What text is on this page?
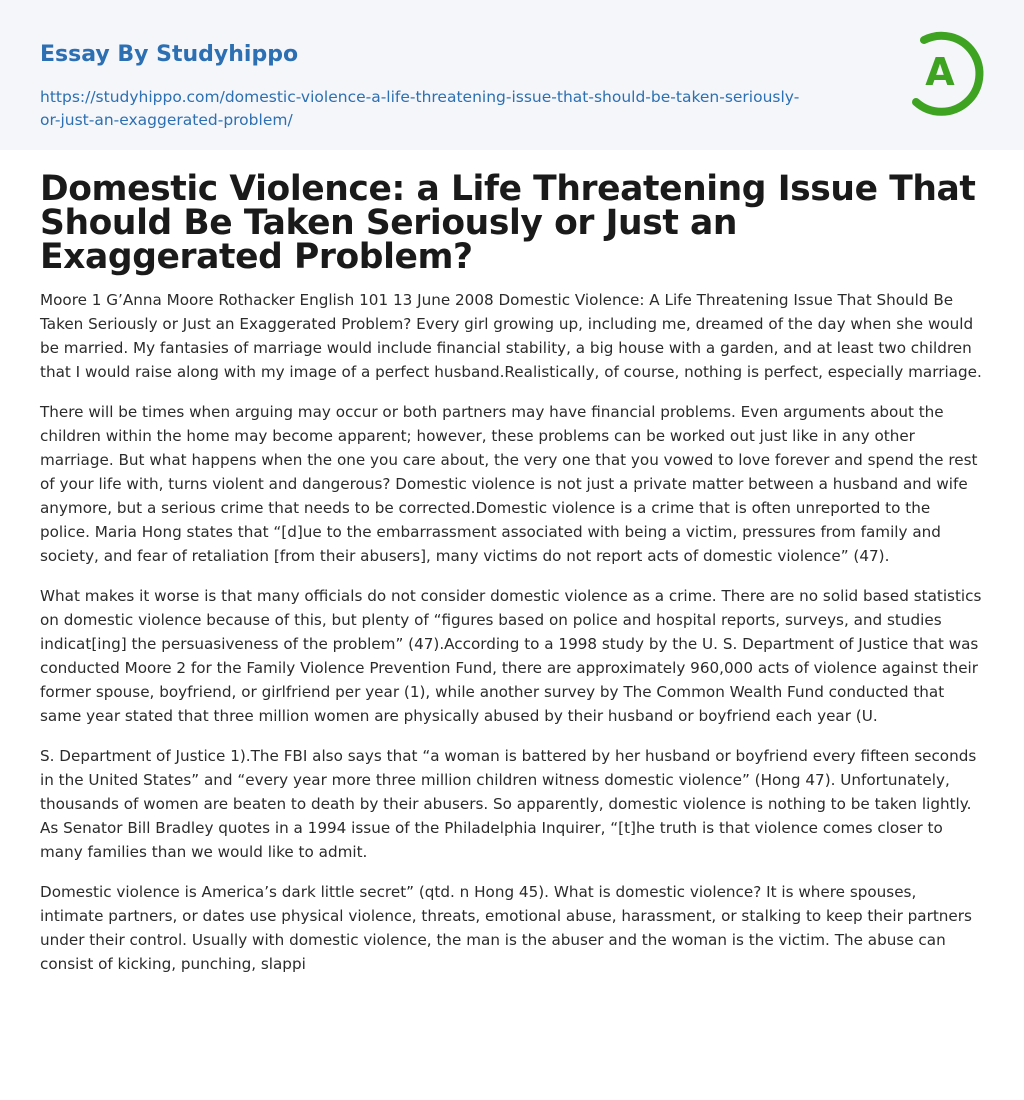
Essay By Studyhippo
https://studyhippo.com/domestic-violence-a-life-threatening-issue-that-should-be-taken-seriously-or-just-an-exaggerated-problem/
A
Domestic Violence: a Life Threatening Issue That Should Be Taken Seriously or Just an Exaggerated Problem?

Moore 1 G’Anna Moore Rothacker English 101 13 June 2008 Domestic Violence: A Life Threatening Issue That Should Be Taken Seriously or Just an Exaggerated Problem? Every girl growing up, including me, dreamed of the day when she would be married. My fantasies of marriage would include financial stability, a big house with a garden, and at least two children that I would raise along with my image of a perfect husband.Realistically, of course, nothing is perfect, especially marriage.

There will be times when arguing may occur or both partners may have financial problems. Even arguments about the children within the home may become apparent; however, these problems can be worked out just like in any other marriage. But what happens when the one you care about, the very one that you vowed to love forever and spend the rest of your life with, turns violent and dangerous? Domestic violence is not just a private matter between a husband and wife anymore, but a serious crime that needs to be corrected.Domestic violence is a crime that is often unreported to the police. Maria Hong states that “[d]ue to the embarrassment associated with being a victim, pressures from family and society, and fear of retaliation [from their abusers], many victims do not report acts of domestic violence” (47).

What makes it worse is that many officials do not consider domestic violence as a crime. There are no solid based statistics on domestic violence because of this, but plenty of “figures based on police and hospital reports, surveys, and studies indicat[ing] the persuasiveness of the problem” (47).According to a 1998 study by the U. S. Department of Justice that was conducted Moore 2 for the Family Violence Prevention Fund, there are approximately 960,000 acts of violence against their former spouse, boyfriend, or girlfriend per year (1), while another survey by The Common Wealth Fund conducted that same year stated that three million women are physically abused by their husband or boyfriend each year (U.

S. Department of Justice 1).The FBI also says that “a woman is battered by her husband or boyfriend every fifteen seconds in the United States” and “every year more three million children witness domestic violence” (Hong 47). Unfortunately, thousands of women are beaten to death by their abusers. So apparently, domestic violence is nothing to be taken lightly. As Senator Bill Bradley quotes in a 1994 issue of the Philadelphia Inquirer, “[t]he truth is that violence comes closer to many families than we would like to admit.

Domestic violence is America’s dark little secret” (qtd. n Hong 45). What is domestic violence? It is where spouses, intimate partners, or dates use physical violence, threats, emotional abuse, harassment, or stalking to keep their partners under their control. Usually with domestic violence, the man is the abuser and the woman is the victim. The abuse can consist of kicking, punching, slappi
